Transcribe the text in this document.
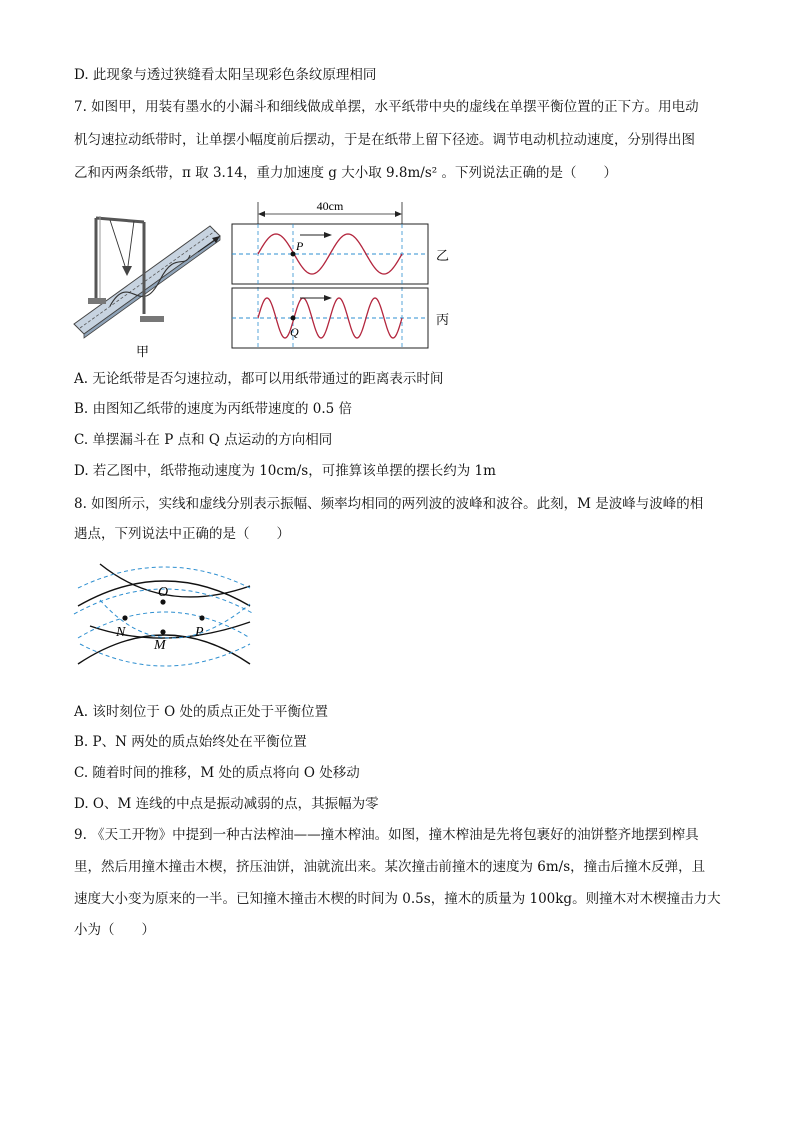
D. 此现象与透过狭缝看太阳呈现彩色条纹原理相同
7. 如图甲，用装有墨水的小漏斗和细线做成单摆，水平纸带中央的虚线在单摆平衡位置的正下方。用电动
机匀速拉动纸带时，让单摆小幅度前后摆动，于是在纸带上留下径迹。调节电动机拉动速度，分别得出图
乙和丙两条纸带，π 取 3.14，重力加速度 g 大小取 9.8m/s² 。下列说法正确的是（　　）
甲
40cm
P
乙
Q
丙
A. 无论纸带是否匀速拉动，都可以用纸带通过的距离表示时间
B. 由图知乙纸带的速度为丙纸带速度的 0.5 倍
C. 单摆漏斗在 P 点和 Q 点运动的方向相同
D. 若乙图中，纸带拖动速度为 10cm/s，可推算该单摆的摆长约为 1m
8. 如图所示，实线和虚线分别表示振幅、频率均相同的两列波的波峰和波谷。此刻，M 是波峰与波峰的相
遇点，下列说法中正确的是（　　）
O
N
M
P
A. 该时刻位于 O 处的质点正处于平衡位置
B. P、N 两处的质点始终处在平衡位置
C. 随着时间的推移，M 处的质点将向 O 处移动
D. O、M 连线的中点是振动减弱的点，其振幅为零
9. 《天工开物》中提到一种古法榨油——撞木榨油。如图，撞木榨油是先将包裹好的油饼整齐地摆到榨具
里，然后用撞木撞击木楔，挤压油饼，油就流出来。某次撞击前撞木的速度为 6m/s，撞击后撞木反弹，且
速度大小变为原来的一半。已知撞木撞击木楔的时间为 0.5s，撞木的质量为 100kg。则撞木对木楔撞击力大
小为（　　）
